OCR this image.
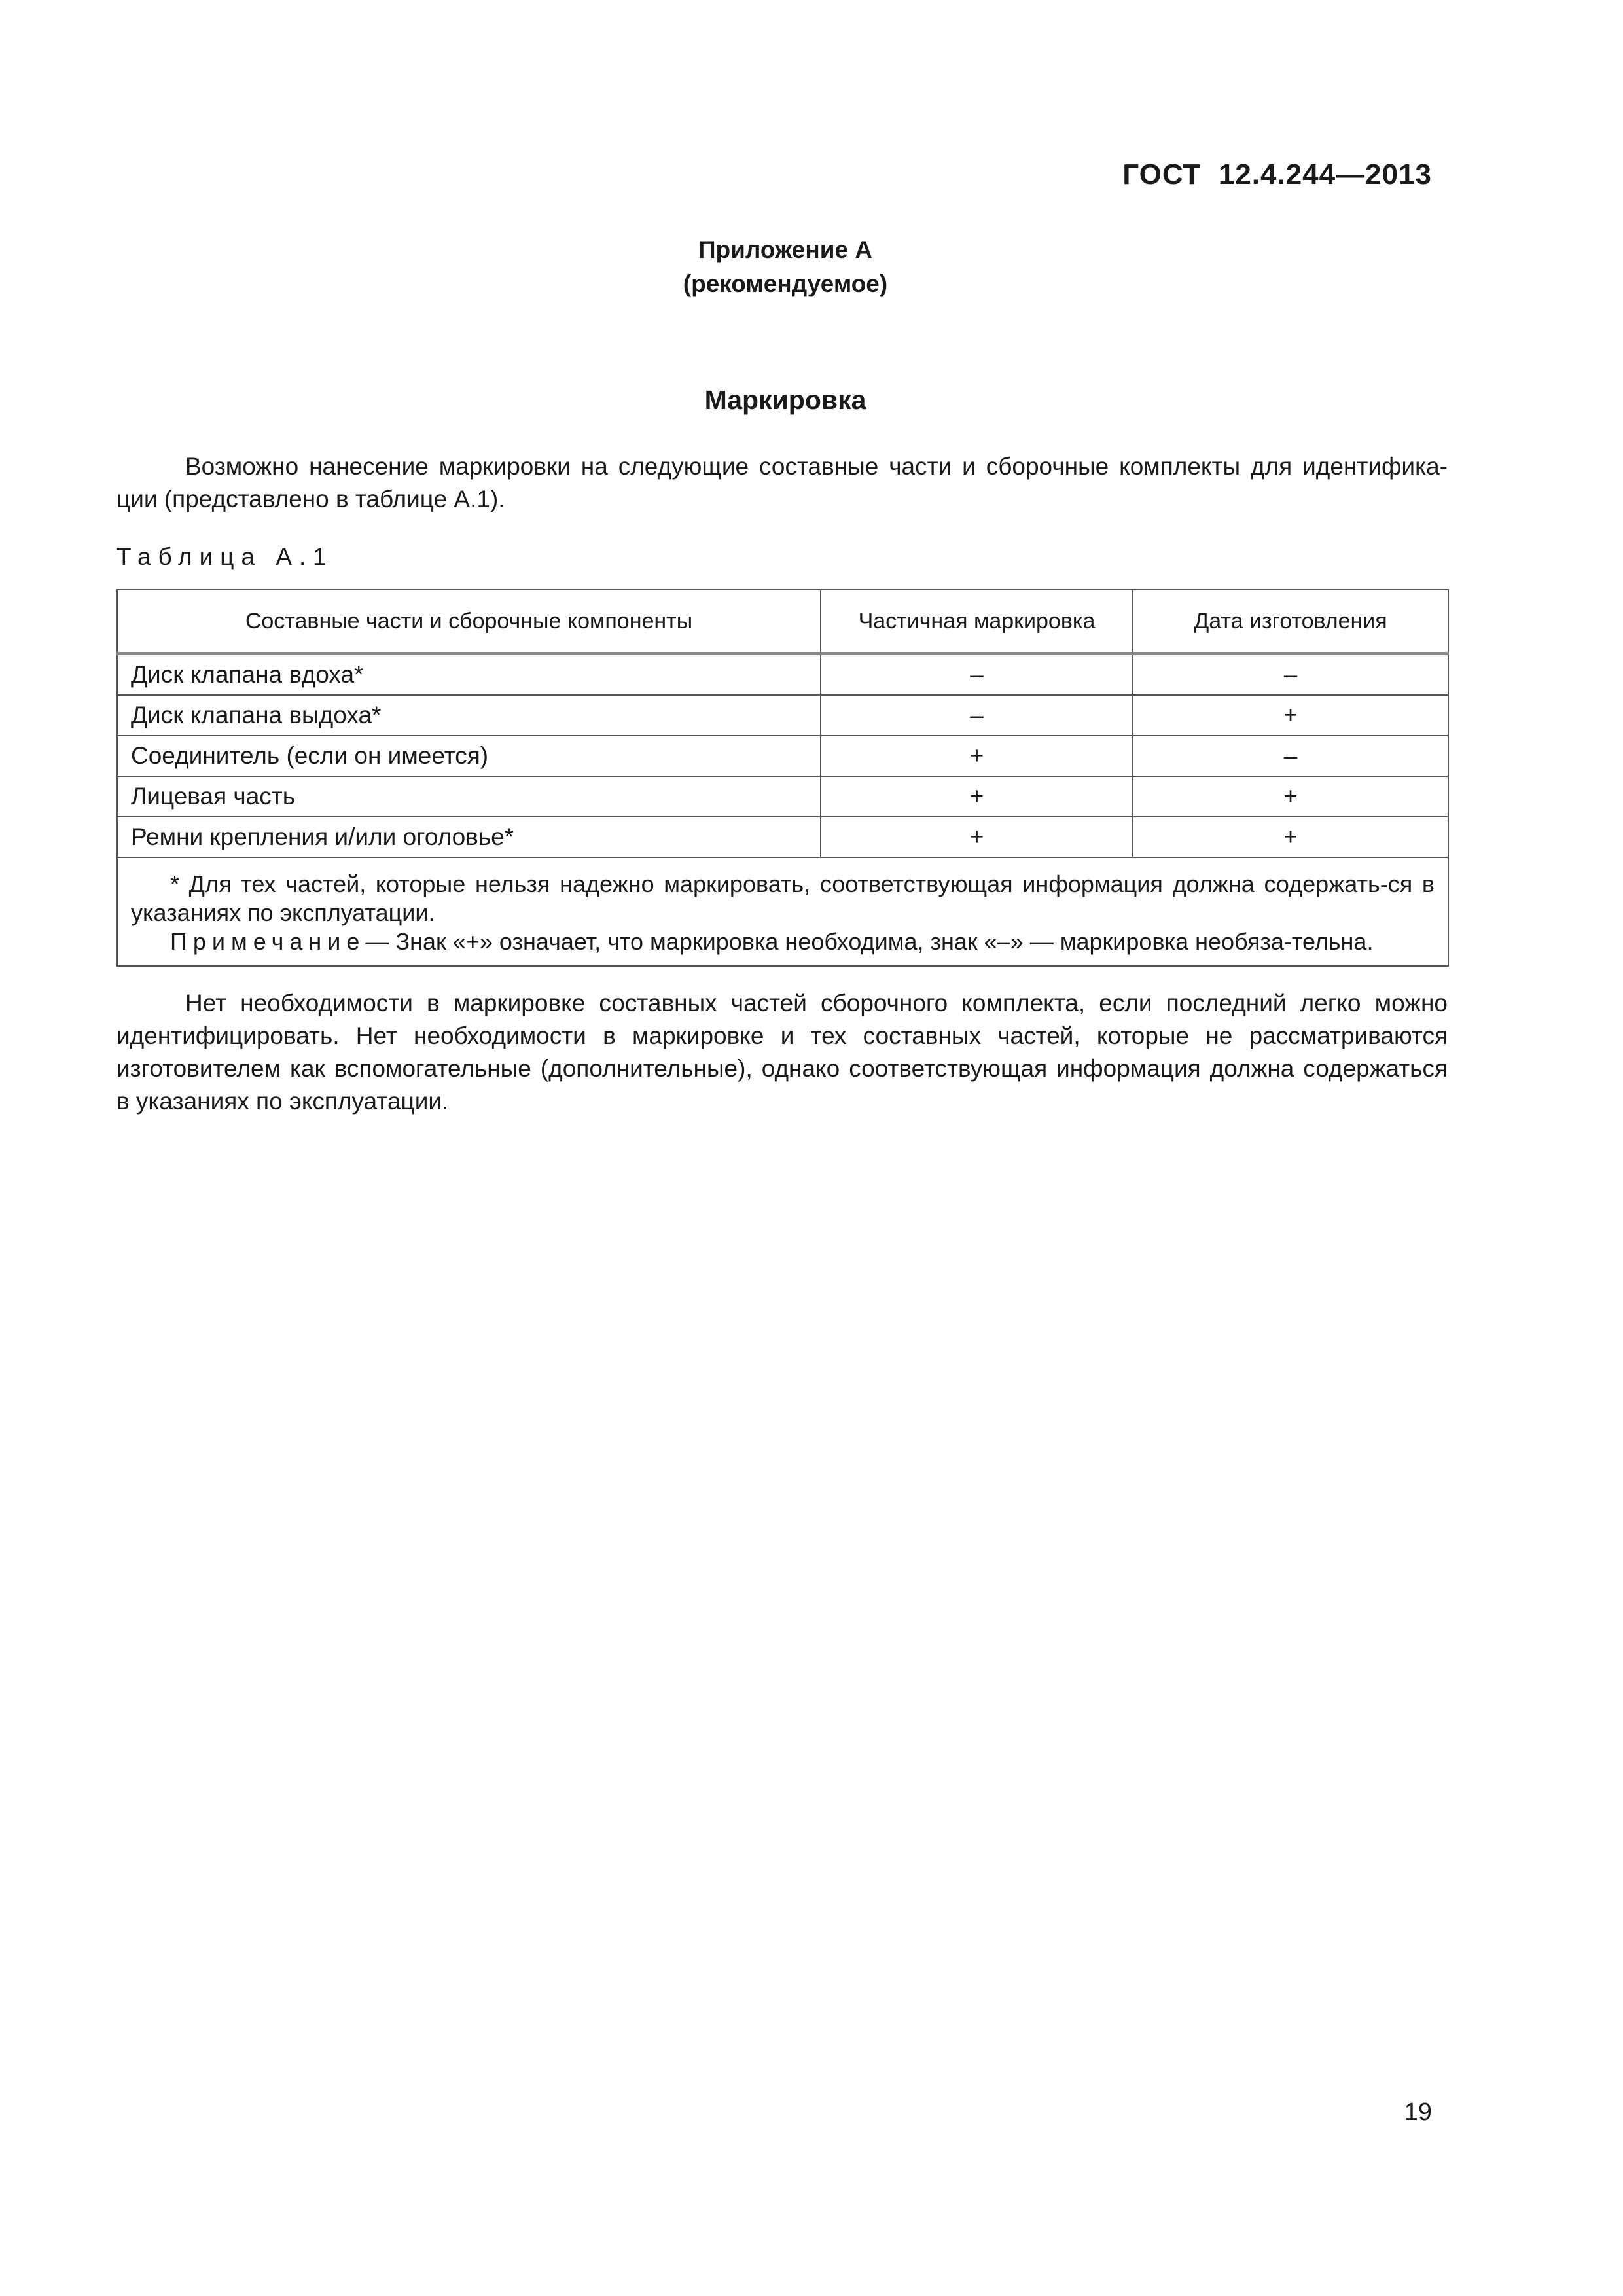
ГОСТ  12.4.244—2013
Приложение А
(рекомендуемое)
Маркировка

Возможно нанесение маркировки на следующие составные части и сборочные комплекты для идентифика-ции (представлено в таблице А.1).

Таблица А.1
Составные части и сборочные компоненты	Частичная маркировка	Дата изготовления
Диск клапана вдоха*	–	–
Диск клапана выдоха*	–	+
Соединитель (если он имеется)	+	–
Лицевая часть	+	+
Ремни крепления и/или оголовье*	+	+

* Для тех частей, которые нельзя надежно маркировать, соответствующая информация должна содержать-ся в указаниях по эксплуатации.
Примечание— Знак «+» означает, что маркировка необходима, знак «–» — маркировка необяза-тельна.		

Нет необходимости в маркировке составных частей сборочного комплекта, если последний легко можно идентифицировать. Нет необходимости в маркировке и тех составных частей, которые не рассматриваются изготовителем как вспомогательные (дополнительные), однако соответствующая информация должна содержаться в указаниях по эксплуатации.

19
